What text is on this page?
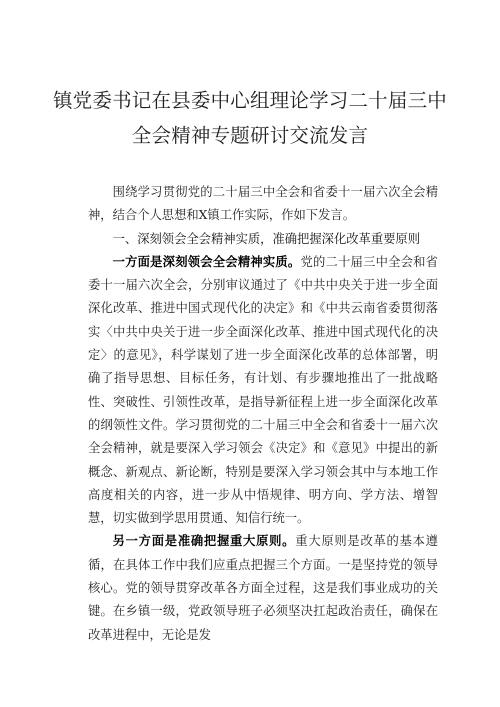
镇党委书记在县委中心组理论学习二十届三中
全会精神专题研讨交流发言

围绕学习贯彻党的二十届三中全会和省委十一届六次全会精神，结合个人思想和X镇工作实际，作如下发言。

一、深刻领会全会精神实质，准确把握深化改革重要原则

一方面是深刻领会全会精神实质。党的二十届三中全会和省委十一届六次全会，分别审议通过了《中共中央关于进一步全面深化改革、推进中国式现代化的决定》和《中共云南省委贯彻落实〈中共中央关于进一步全面深化改革、推进中国式现代化的决定〉的意见》，科学谋划了进一步全面深化改革的总体部署，明确了指导思想、目标任务，有计划、有步骤地推出了一批战略性、突破性、引领性改革，是指导新征程上进一步全面深化改革的纲领性文件。学习贯彻党的二十届三中全会和省委十一届六次全会精神，就是要深入学习领会《决定》和《意见》中提出的新概念、新观点、新论断，特别是要深入学习领会其中与本地工作高度相关的内容，进一步从中悟规律、明方向、学方法、增智慧，切实做到学思用贯通、知信行统一。

另一方面是准确把握重大原则。重大原则是改革的基本遵循，在具体工作中我们应重点把握三个方面。一是坚持党的领导核心。党的领导贯穿改革各方面全过程，这是我们事业成功的关键。在乡镇一级，党政领导班子必须坚决扛起政治责任，确保在改革进程中，无论是发
